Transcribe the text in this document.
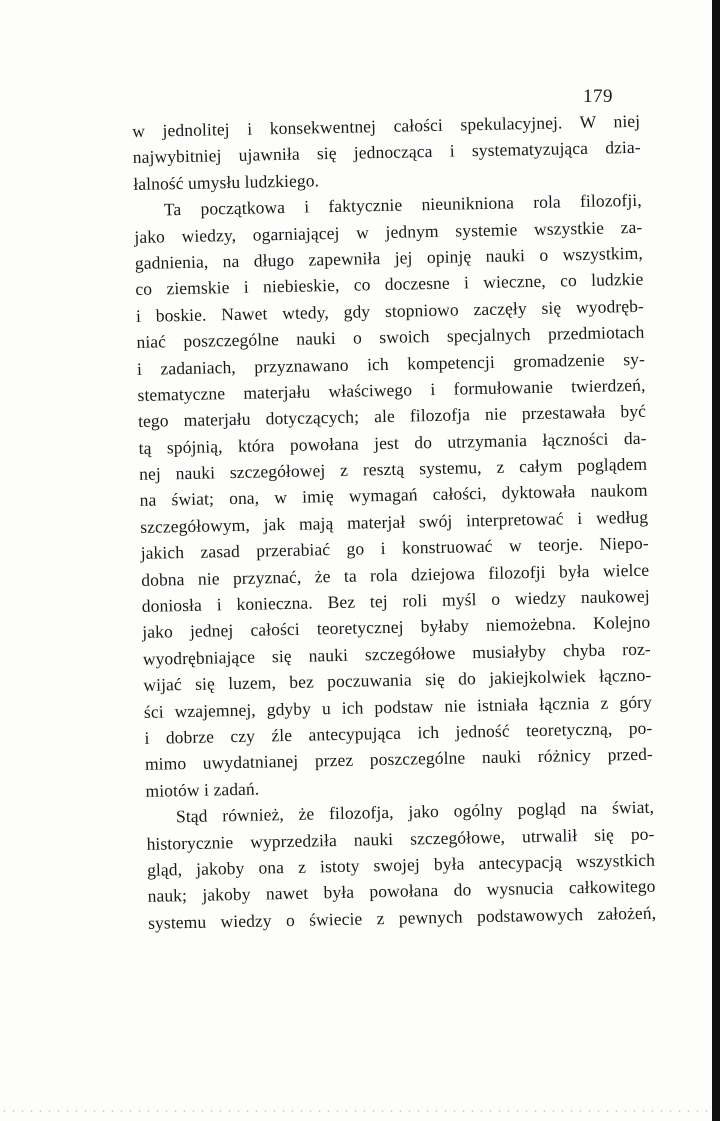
179
w jednolitej i konsekwentnej całości spekulacyjnej. W niej
najwybitniej ujawniła się jednocząca i systematyzująca dzia-
łalność umysłu ludzkiego.
Ta początkowa i faktycznie nieunikniona rola filozofji,
jako wiedzy, ogarniającej w jednym systemie wszystkie za-
gadnienia, na długo zapewniła jej opinję nauki o wszystkim,
co ziemskie i niebieskie, co doczesne i wieczne, co ludzkie
i boskie. Nawet wtedy, gdy stopniowo zaczęły się wyodręb-
niać poszczególne nauki o swoich specjalnych przedmiotach
i zadaniach, przyznawano ich kompetencji gromadzenie sy-
stematyczne materjału właściwego i formułowanie twierdzeń,
tego materjału dotyczących; ale filozofja nie przestawała być
tą spójnią, która powołana jest do utrzymania łączności da-
nej nauki szczegółowej z resztą systemu, z całym poglądem
na świat; ona, w imię wymagań całości, dyktowała naukom
szczegółowym, jak mają materjał swój interpretować i według
jakich zasad przerabiać go i konstruować w teorje. Niepo-
dobna nie przyznać, że ta rola dziejowa filozofji była wielce
doniosła i konieczna. Bez tej roli myśl o wiedzy naukowej
jako jednej całości teoretycznej byłaby niemożebna. Kolejno
wyodrębniające się nauki szczegółowe musiałyby chyba roz-
wijać się luzem, bez poczuwania się do jakiejkolwiek łączno-
ści wzajemnej, gdyby u ich podstaw nie istniała łącznia z góry
i dobrze czy źle antecypująca ich jedność teoretyczną, po-
mimo uwydatnianej przez poszczególne nauki różnicy przed-
miotów i zadań.
Stąd również, że filozofja, jako ogólny pogląd na świat,
historycznie wyprzedziła nauki szczegółowe, utrwalił się po-
gląd, jakoby ona z istoty swojej była antecypacją wszystkich
nauk; jakoby nawet była powołana do wysnucia całkowitego
systemu wiedzy o świecie z pewnych podstawowych założeń,
